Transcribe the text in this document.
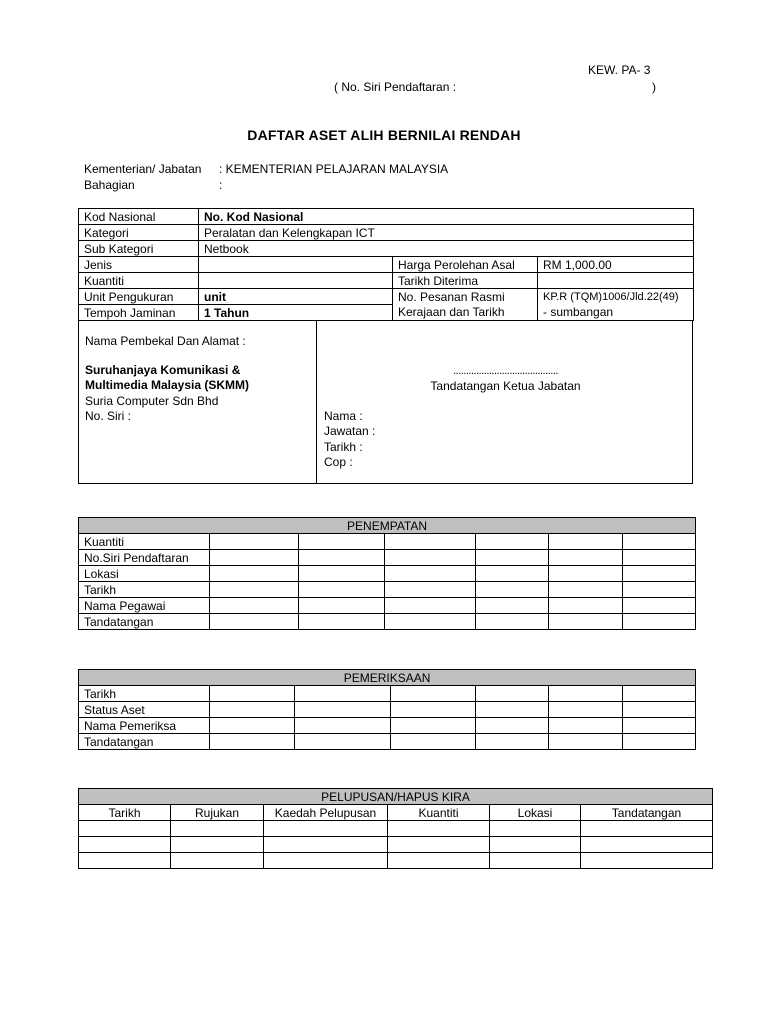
KEW. PA- 3
( No. Siri Pendaftaran :	)
DAFTAR ASET ALIH BERNILAI RENDAH
Kementerian/ Jabatan : KEMENTERIAN PELAJARAN MALAYSIA
Bahagian	:
Kod Nasional	No. Kod Nasional		
Kategori	Peralatan dan Kelengkapan ICT		
Sub Kategori	Netbook		
Jenis		Harga Perolehan Asal	RM 1,000.00
Kuantiti		Tarikh Diterima	
Unit Pengukuran	unit	No. Pesanan Rasmi	KP.R (TQM)1006/Jld.22(49)
Tempoh Jaminan	1 Tahun	Kerajaan dan Tarikh	- sumbangan
Nama Pembekal Dan Alamat :
Suruhanjaya Komunikasi &
Multimedia Malaysia (SKMM)
Suria Computer Sdn Bhd
No. Siri :
.........................................
Tandatangan Ketua Jabatan
Nama :
Jawatan :
Tarikh :
Cop :
PENEMPATAN						
Kuantiti						
No.Siri Pendaftaran						
Lokasi						
Tarikh						
Nama Pegawai						
Tandatangan						
PEMERIKSAAN						
Tarikh						
Status Aset						
Nama Pemeriksa						
Tandatangan						
PELUPUSAN/HAPUS KIRA					
Tarikh	Rujukan	Kaedah Pelupusan	Kuantiti	Lokasi	Tandatangan
